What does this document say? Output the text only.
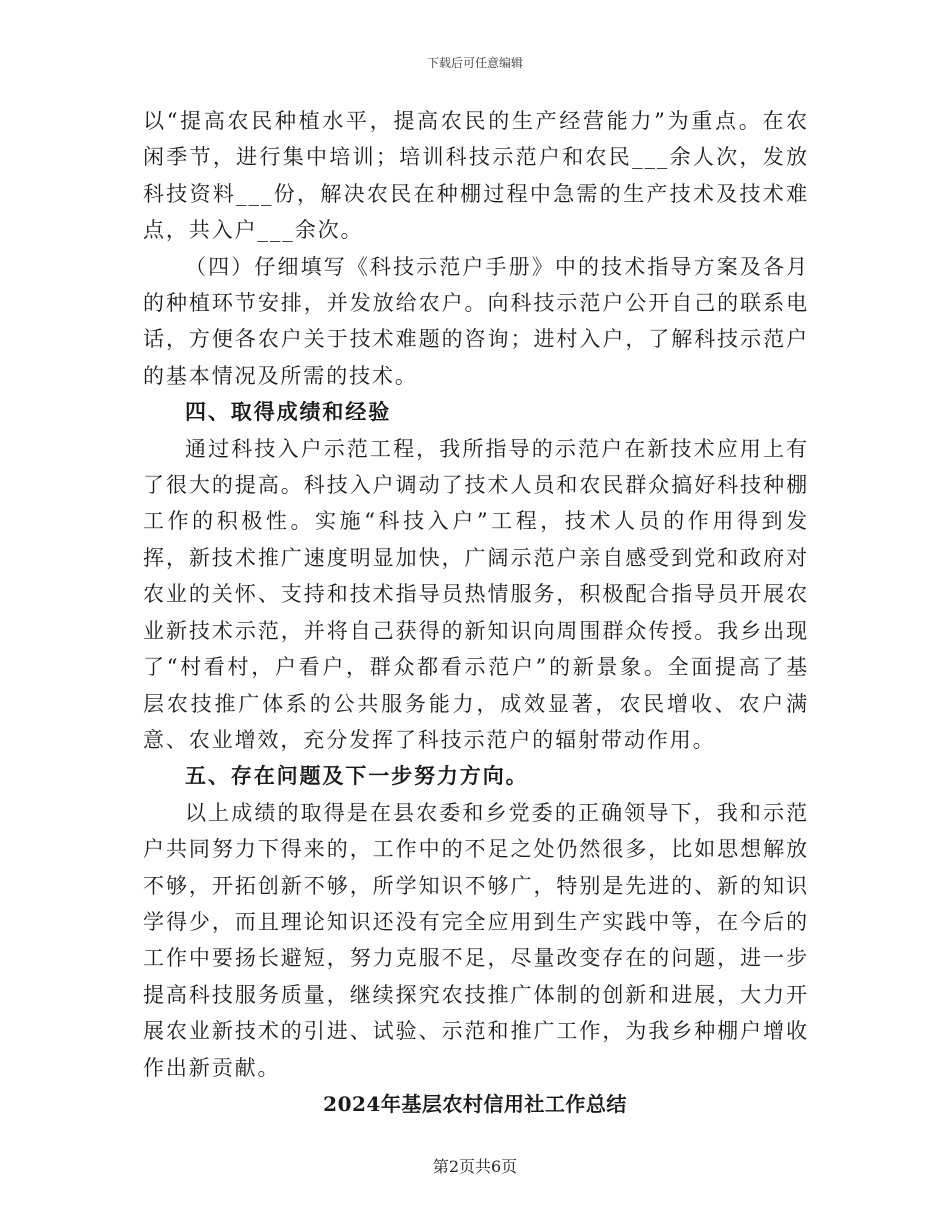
下载后可任意编辑

以“提高农民种植水平，提高农民的生产经营能力”为重点。在农闲季节，进行集中培训；培训科技示范户和农民___余人次，发放科技资料___份，解决农民在种棚过程中急需的生产技术及技术难点，共入户___余次。

（四）仔细填写《科技示范户手册》中的技术指导方案及各月的种植环节安排，并发放给农户。向科技示范户公开自己的联系电话，方便各农户关于技术难题的咨询；进村入户，了解科技示范户的基本情况及所需的技术。

四、取得成绩和经验

通过科技入户示范工程，我所指导的示范户在新技术应用上有了很大的提高。科技入户调动了技术人员和农民群众搞好科技种棚工作的积极性。实施“科技入户”工程，技术人员的作用得到发挥，新技术推广速度明显加快，广阔示范户亲自感受到党和政府对农业的关怀、支持和技术指导员热情服务，积极配合指导员开展农业新技术示范，并将自己获得的新知识向周围群众传授。我乡出现了“村看村，户看户，群众都看示范户”的新景象。全面提高了基层农技推广体系的公共服务能力，成效显著，农民增收、农户满意、农业增效，充分发挥了科技示范户的辐射带动作用。

五、存在问题及下一步努力方向。

以上成绩的取得是在县农委和乡党委的正确领导下，我和示范户共同努力下得来的，工作中的不足之处仍然很多，比如思想解放不够，开拓创新不够，所学知识不够广，特别是先进的、新的知识学得少，而且理论知识还没有完全应用到生产实践中等，在今后的工作中要扬长避短，努力克服不足，尽量改变存在的问题，进一步提高科技服务质量，继续探究农技推广体制的创新和进展，大力开展农业新技术的引进、试验、示范和推广工作，为我乡种棚户增收作出新贡献。

2024年基层农村信用社工作总结
第2页共6页
